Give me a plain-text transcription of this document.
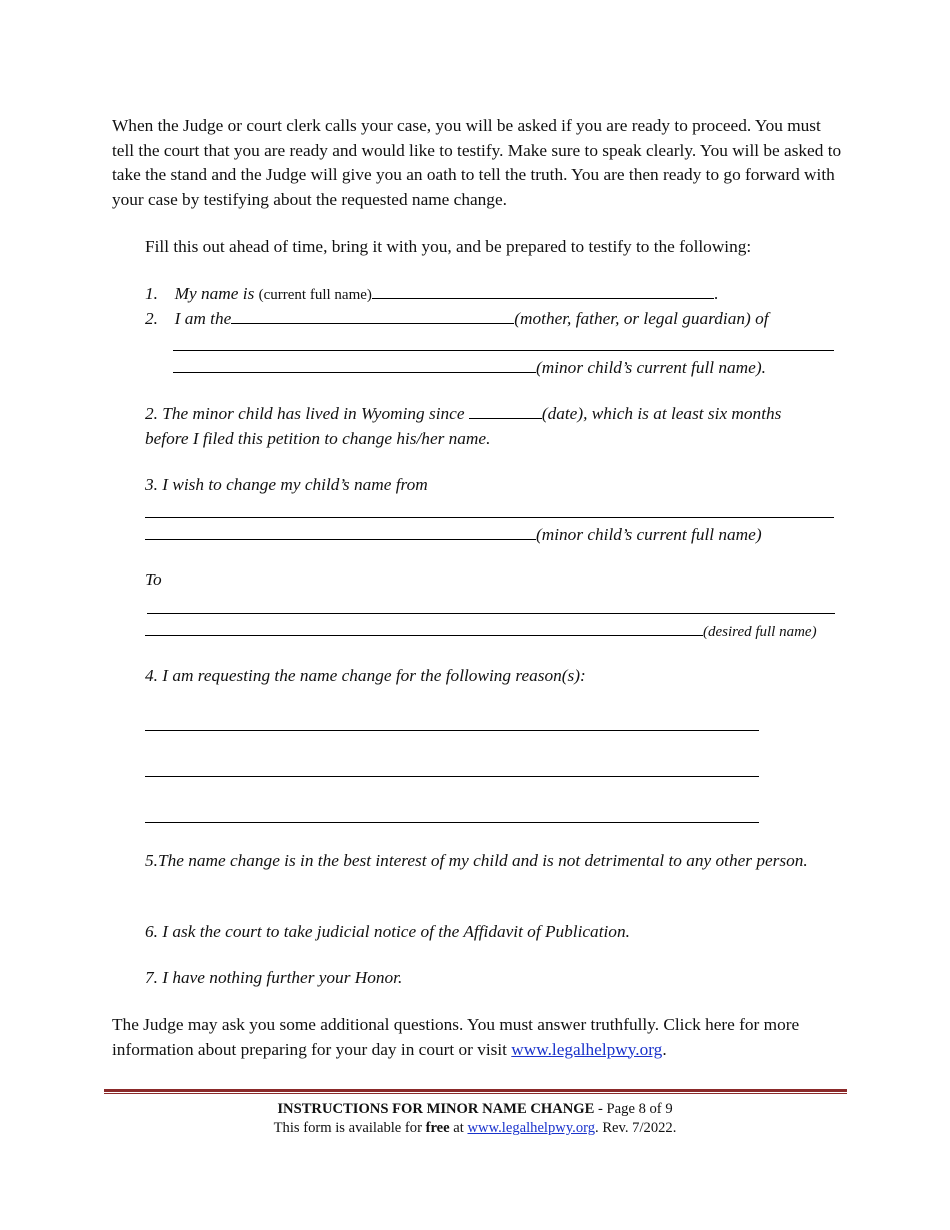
When the Judge or court clerk calls your case, you will be asked if you are ready to proceed. You must tell the court that you are ready and would like to testify. Make sure to speak clearly. You will be asked to take the stand and the Judge will give you an oath to tell the truth. You are then ready to go forward with your case by testifying about the requested name change.
Fill this out ahead of time, bring it with you, and be prepared to testify to the following:
1. My name is (current full name)	.
2. I am the	(mother, father, or legal guardian) of
(minor child’s current full name).
2. The minor child has lived in Wyoming since	(date), which is at least six months
before I filed this petition to change his/her name.
3. I wish to change my child’s name from
(minor child’s current full name)
To
(desired full name)
4. I am requesting the name change for the following reason(s):
5.The name change is in the best interest of my child and is not detrimental to any other person.
6. I ask the court to take judicial notice of the Affidavit of Publication.
7. I have nothing further your Honor.
The Judge may ask you some additional questions. You must answer truthfully. Click here for more information about preparing for your day in court or visit www.legalhelpwy.org.
INSTRUCTIONS FOR MINOR NAME CHANGE - Page 8 of 9
This form is available for free at www.legalhelpwy.org. Rev. 7/2022.
